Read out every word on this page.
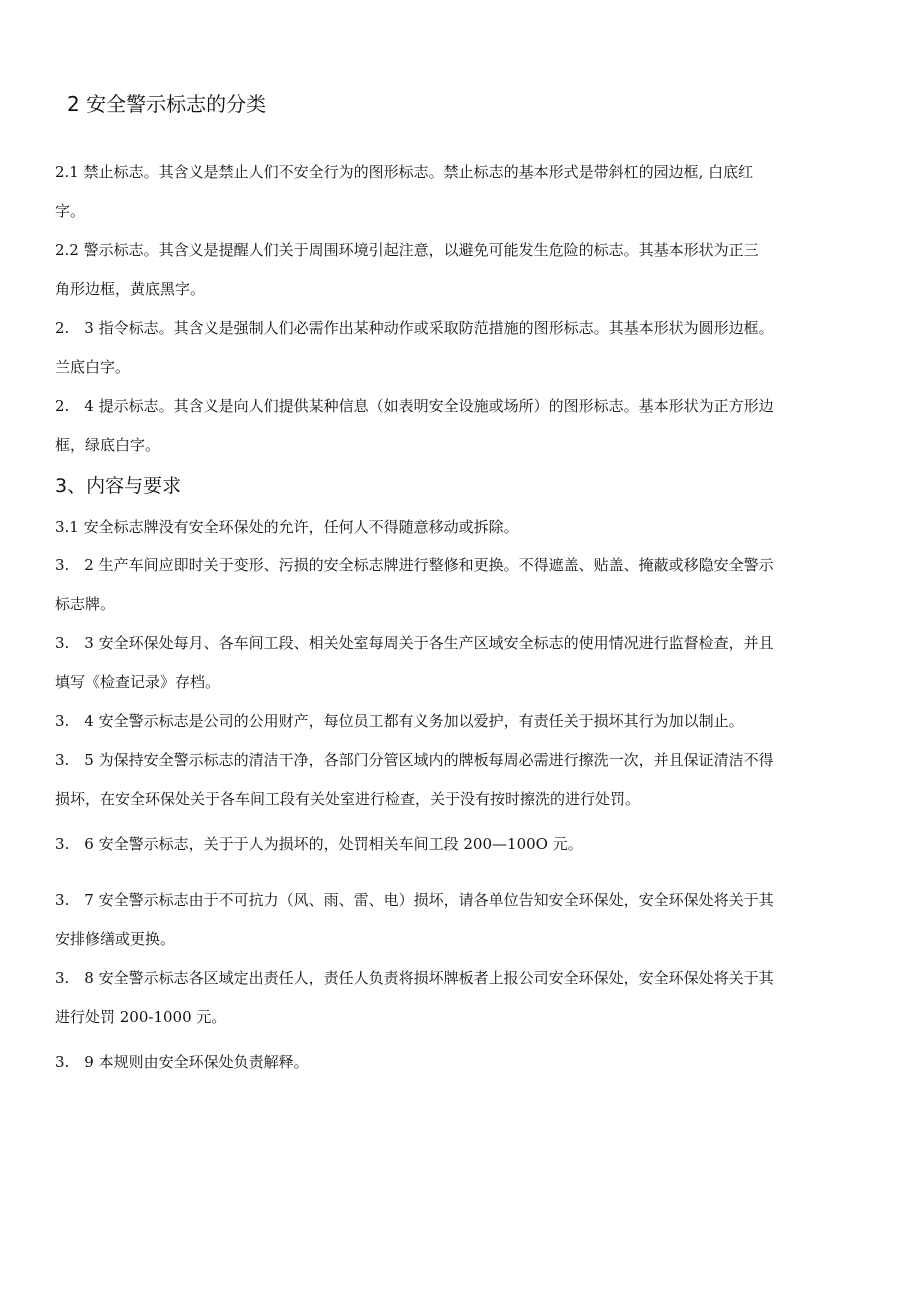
2 安全警示标志的分类
2.1 禁止标志。其含义是禁止人们不安全行为的图形标志。禁止标志的基本形式是带斜杠的园边框, 白底红
字。
2.2 警示标志。其含义是提醒人们关于周围环境引起注意，以避免可能发生危险的标志。其基本形状为正三
角形边框，黄底黑字。
2.　3 指令标志。其含义是强制人们必需作出某种动作或采取防范措施的图形标志。其基本形状为圆形边框。
兰底白字。
2.　4 提示标志。其含义是向人们提供某种信息（如表明安全设施或场所）的图形标志。基本形状为正方形边
框，绿底白字。
3、内容与要求
3.1 安全标志牌没有安全环保处的允许，任何人不得随意移动或拆除。
3.　2 生产车间应即时关于变形、污损的安全标志牌进行整修和更换。不得遮盖、贴盖、掩蔽或移隐安全警示
标志牌。
3.　3 安全环保处每月、各车间工段、相关处室每周关于各生产区域安全标志的使用情况进行监督检查，并且
填写《检查记录》存档。
3.　4 安全警示标志是公司的公用财产，每位员工都有义务加以爱护，有责任关于损坏其行为加以制止。
3.　5 为保持安全警示标志的清洁干净，各部门分管区域内的牌板每周必需进行擦洗一次，并且保证清洁不得
损坏，在安全环保处关于各车间工段有关处室进行检查，关于没有按时擦洗的进行处罚。
3.　6 安全警示标志，关于于人为损坏的，处罚相关车间工段 200—100O 元。
3.　7 安全警示标志由于不可抗力（风、雨、雷、电）损坏，请各单位告知安全环保处，安全环保处将关于其
安排修缮或更换。
3.　8 安全警示标志各区域定出责任人，责任人负责将损坏牌板者上报公司安全环保处，安全环保处将关于其
进行处罚 200-1000 元。
3.　9 本规则由安全环保处负责解释。
